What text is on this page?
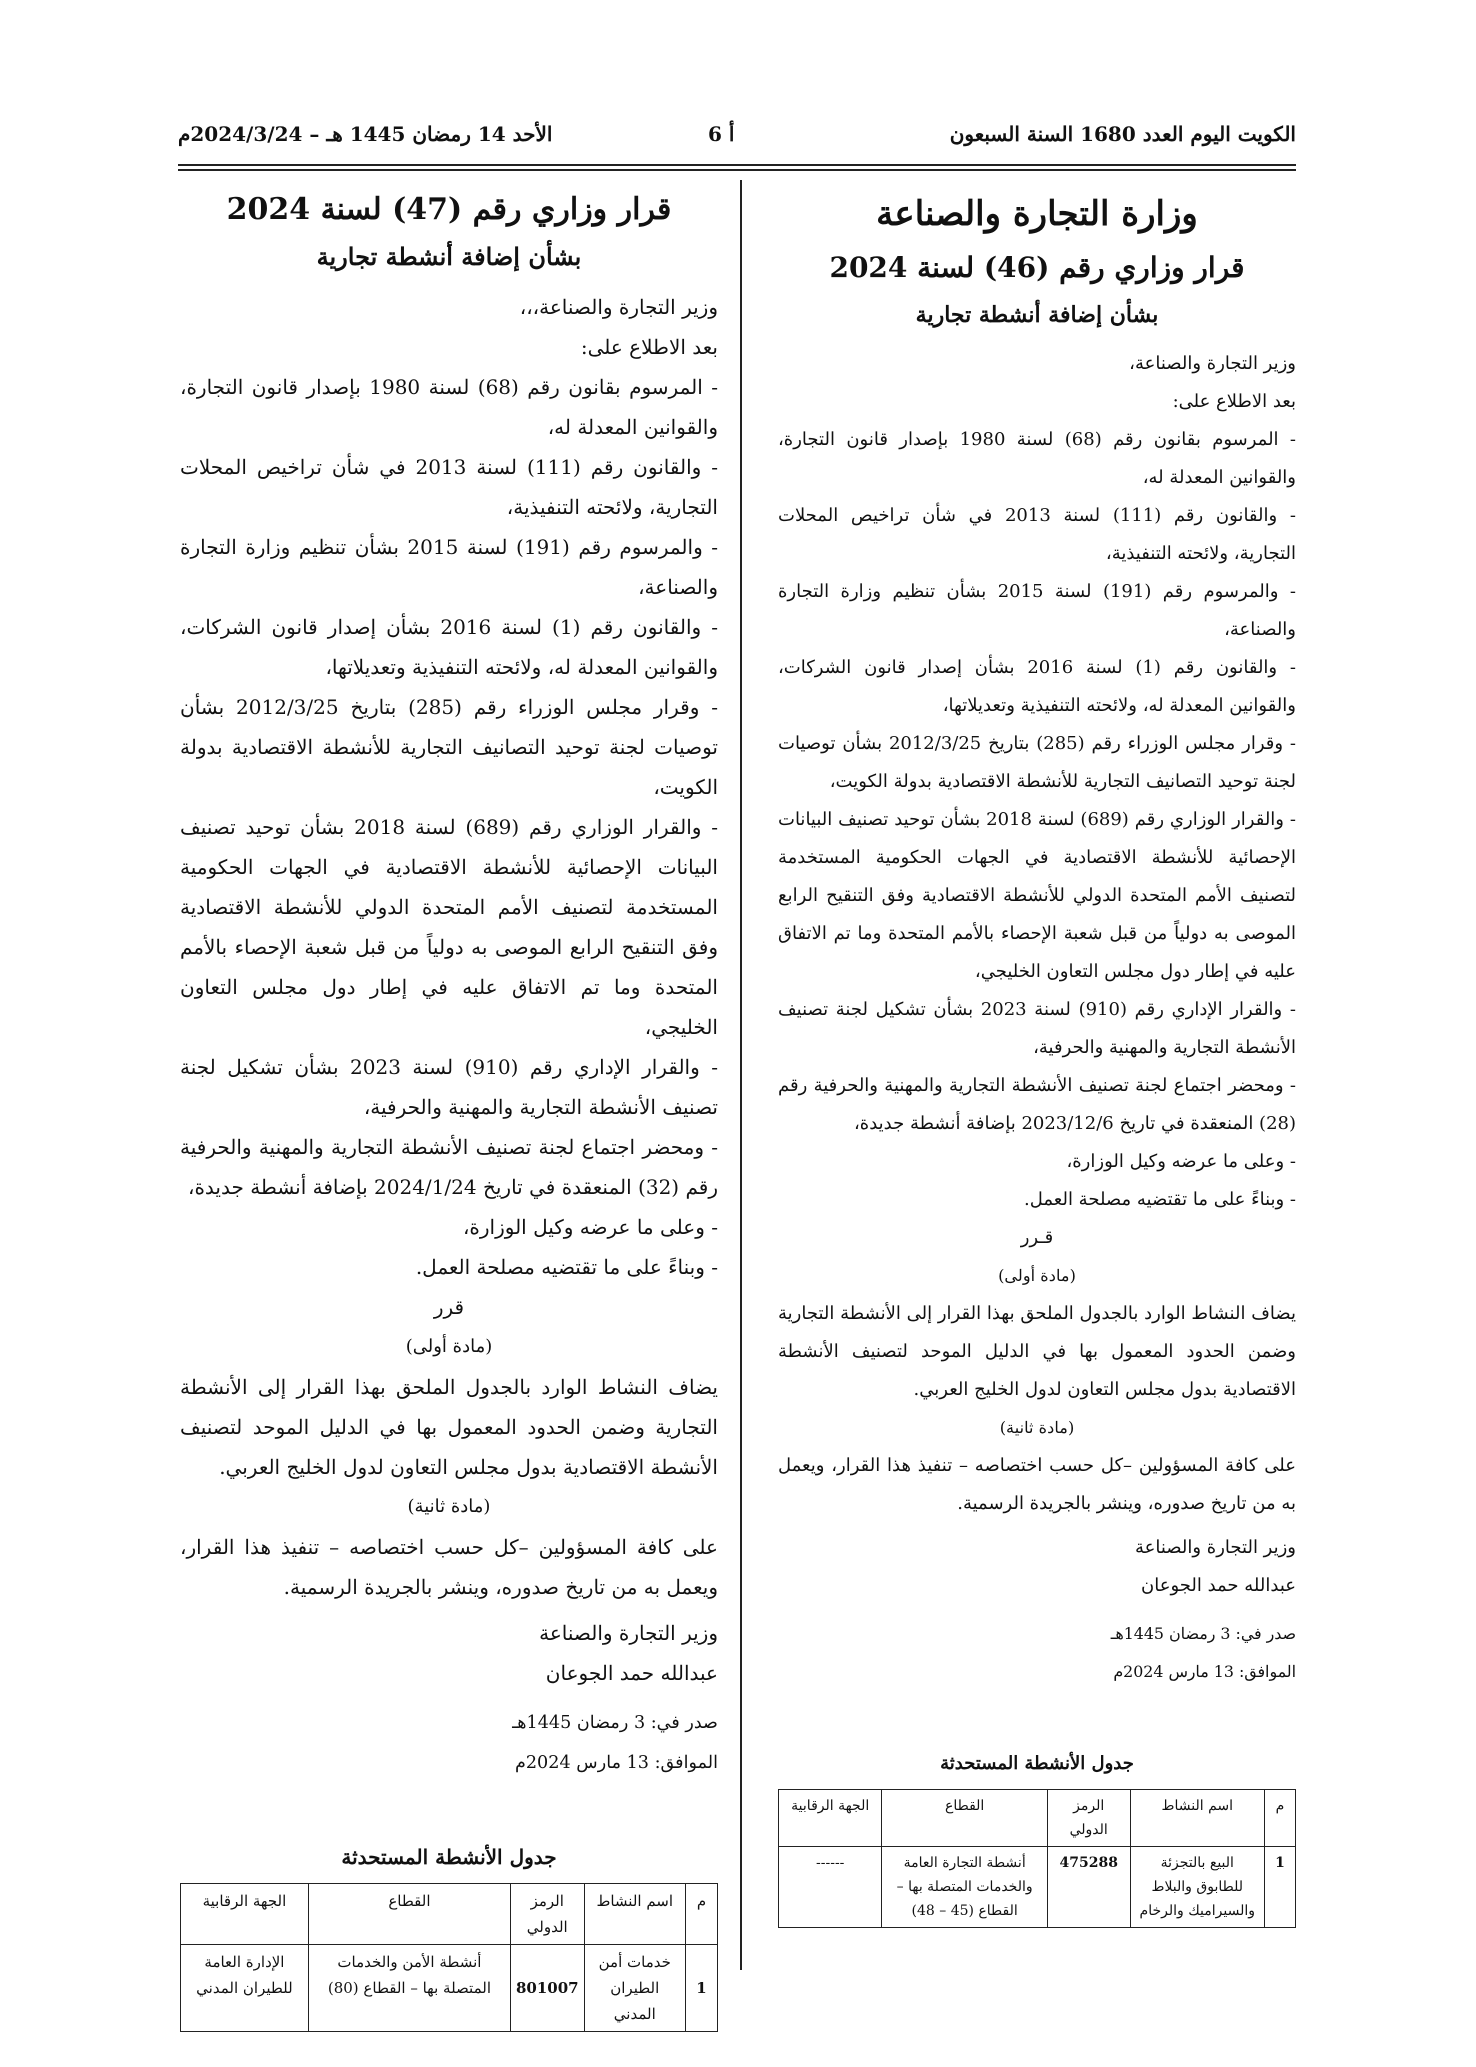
الكويت اليوم العدد 1680 السنة السبعون
أ 6
الأحد 14 رمضان 1445 هـ – 2024/3/24م

وزارة التجارة والصناعة

قرار وزاري رقم (46) لسنة 2024

بشأن إضافة أنشطة تجارية

وزير التجارة والصناعة،

بعد الاطلاع على:

- المرسوم بقانون رقم (68) لسنة 1980 بإصدار قانون التجارة، والقوانين المعدلة له،

- والقانون رقم (111) لسنة 2013 في شأن تراخيص المحلات التجارية، ولائحته التنفيذية،

- والمرسوم رقم (191) لسنة 2015 بشأن تنظيم وزارة التجارة والصناعة،

- والقانون رقم (1) لسنة 2016 بشأن إصدار قانون الشركات، والقوانين المعدلة له، ولائحته التنفيذية وتعديلاتها،

- وقرار مجلس الوزراء رقم (285) بتاريخ 2012/3/25 بشأن توصيات لجنة توحيد التصانيف التجارية للأنشطة الاقتصادية بدولة الكويت،

- والقرار الوزاري رقم (689) لسنة 2018 بشأن توحيد تصنيف البيانات الإحصائية للأنشطة الاقتصادية في الجهات الحكومية المستخدمة لتصنيف الأمم المتحدة الدولي للأنشطة الاقتصادية وفق التنقيح الرابع الموصى به دولياً من قبل شعبة الإحصاء بالأمم المتحدة وما تم الاتفاق عليه في إطار دول مجلس التعاون الخليجي،

- والقرار الإداري رقم (910) لسنة 2023 بشأن تشكيل لجنة تصنيف الأنشطة التجارية والمهنية والحرفية،

- ومحضر اجتماع لجنة تصنيف الأنشطة التجارية والمهنية والحرفية رقم (28) المنعقدة في تاريخ 2023/12/6 بإضافة أنشطة جديدة،

- وعلى ما عرضه وكيل الوزارة،

- وبناءً على ما تقتضيه مصلحة العمل.

قـرر

(مادة أولى)

يضاف النشاط الوارد بالجدول الملحق بهذا القرار إلى الأنشطة التجارية وضمن الحدود المعمول بها في الدليل الموحد لتصنيف الأنشطة الاقتصادية بدول مجلس التعاون لدول الخليج العربي.

(مادة ثانية)

على كافة المسؤولين –كل حسب اختصاصه – تنفيذ هذا القرار، ويعمل به من تاريخ صدوره، وينشر بالجريدة الرسمية.

وزير التجارة والصناعة

عبدالله حمد الجوعان

صدر في: 3 رمضان 1445هـ

الموافق: 13 مارس 2024م

جدول الأنشطة المستحدثة

م	اسم النشاط	الرمز الدولي	القطاع	الجهة الرقابية
1	البيع بالتجزئة للطابوق والبلاط والسيراميك والرخام	475288	أنشطة التجارة العامة والخدمات المتصلة بها – القطاع (45 – 48)	------

قرار وزاري رقم (47) لسنة 2024

بشأن إضافة أنشطة تجارية

وزير التجارة والصناعة،،،

بعد الاطلاع على:

- المرسوم بقانون رقم (68) لسنة 1980 بإصدار قانون التجارة، والقوانين المعدلة له،

- والقانون رقم (111) لسنة 2013 في شأن تراخيص المحلات التجارية، ولائحته التنفيذية،

- والمرسوم رقم (191) لسنة 2015 بشأن تنظيم وزارة التجارة والصناعة،

- والقانون رقم (1) لسنة 2016 بشأن إصدار قانون الشركات، والقوانين المعدلة له، ولائحته التنفيذية وتعديلاتها،

- وقرار مجلس الوزراء رقم (285) بتاريخ 2012/3/25 بشأن توصيات لجنة توحيد التصانيف التجارية للأنشطة الاقتصادية بدولة الكويت،

- والقرار الوزاري رقم (689) لسنة 2018 بشأن توحيد تصنيف البيانات الإحصائية للأنشطة الاقتصادية في الجهات الحكومية المستخدمة لتصنيف الأمم المتحدة الدولي للأنشطة الاقتصادية وفق التنقيح الرابع الموصى به دولياً من قبل شعبة الإحصاء بالأمم المتحدة وما تم الاتفاق عليه في إطار دول مجلس التعاون الخليجي،

- والقرار الإداري رقم (910) لسنة 2023 بشأن تشكيل لجنة تصنيف الأنشطة التجارية والمهنية والحرفية،

- ومحضر اجتماع لجنة تصنيف الأنشطة التجارية والمهنية والحرفية رقم (32) المنعقدة في تاريخ 2024/1/24 بإضافة أنشطة جديدة،

- وعلى ما عرضه وكيل الوزارة،

- وبناءً على ما تقتضيه مصلحة العمل.

قرر

(مادة أولى)

يضاف النشاط الوارد بالجدول الملحق بهذا القرار إلى الأنشطة التجارية وضمن الحدود المعمول بها في الدليل الموحد لتصنيف الأنشطة الاقتصادية بدول مجلس التعاون لدول الخليج العربي.

(مادة ثانية)

على كافة المسؤولين –كل حسب اختصاصه – تنفيذ هذا القرار، ويعمل به من تاريخ صدوره، وينشر بالجريدة الرسمية.

وزير التجارة والصناعة

عبدالله حمد الجوعان

صدر في: 3 رمضان 1445هـ

الموافق: 13 مارس 2024م

جدول الأنشطة المستحدثة

م	اسم النشاط	الرمز الدولي	القطاع	الجهة الرقابية
1	خدمات أمن الطيران المدني	801007	أنشطة الأمن والخدمات المتصلة بها – القطاع (80)	الإدارة العامة للطيران المدني
